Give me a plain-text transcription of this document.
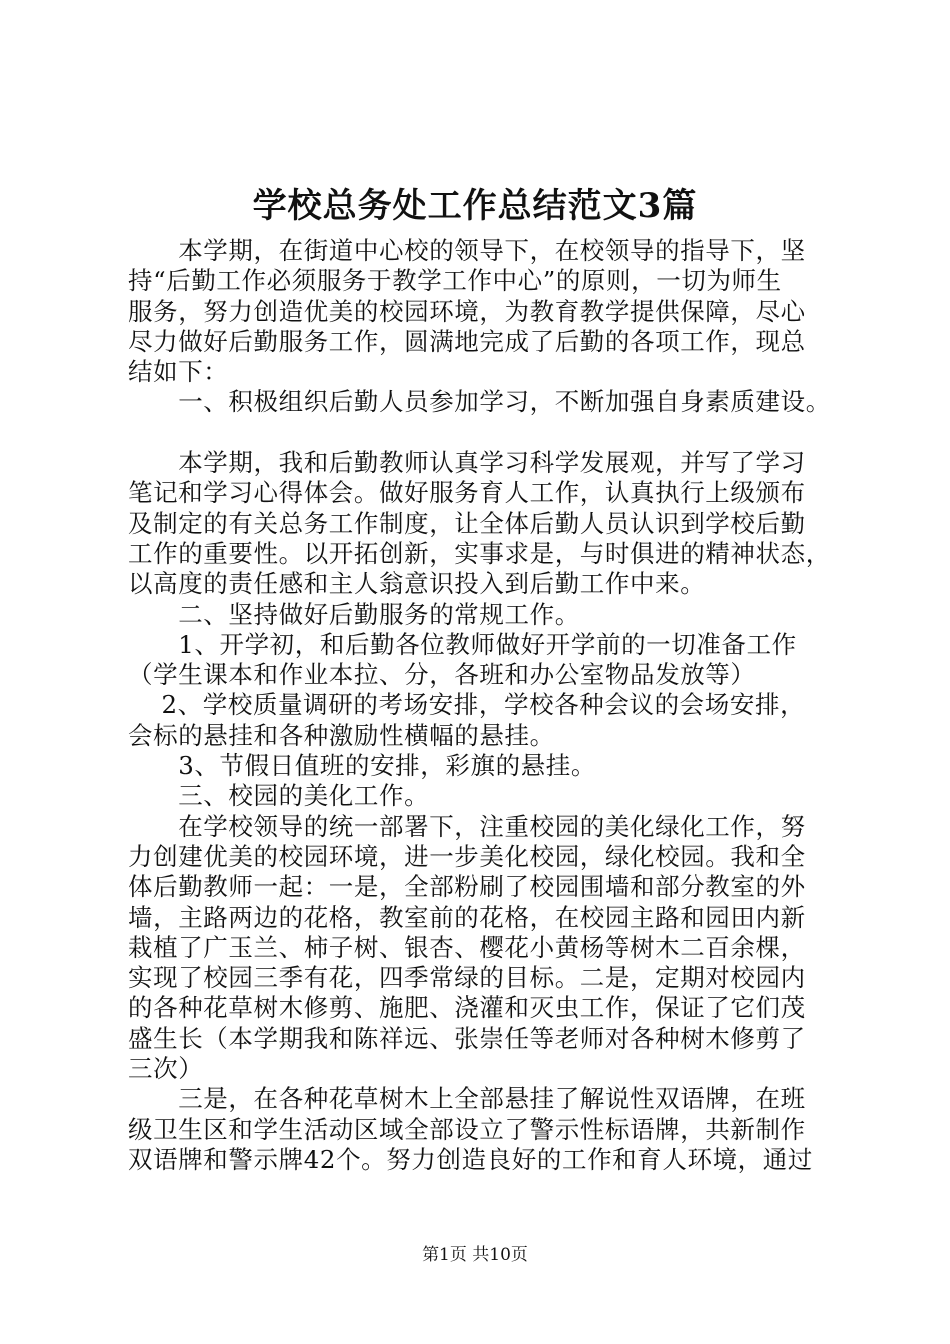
学校总务处工作总结范文3篇
　　本学期，在街道中心校的领导下，在校领导的指导下，坚
持“后勤工作必须服务于教学工作中心”的原则，一切为师生
服务，努力创造优美的校园环境，为教育教学提供保障，尽心
尽力做好后勤服务工作，圆满地完成了后勤的各项工作，现总
结如下：
　　一、积极组织后勤人员参加学习，不断加强自身素质建设。
　　本学期，我和后勤教师认真学习科学发展观，并写了学习
笔记和学习心得体会。做好服务育人工作，认真执行上级颁布
及制定的有关总务工作制度，让全体后勤人员认识到学校后勤
工作的重要性。以开拓创新，实事求是，与时俱进的精神状态，
以高度的责任感和主人翁意识投入到后勤工作中来。
　　二、坚持做好后勤服务的常规工作。
　　1、开学初，和后勤各位教师做好开学前的一切准备工作
（学生课本和作业本拉、分，各班和办公室物品发放等）
　 2、学校质量调研的考场安排，学校各种会议的会场安排，
会标的悬挂和各种激励性横幅的悬挂。
　　3、节假日值班的安排，彩旗的悬挂。
　　三、校园的美化工作。
　　在学校领导的统一部署下，注重校园的美化绿化工作，努
力创建优美的校园环境，进一步美化校园，绿化校园。我和全
体后勤教师一起：一是，全部粉刷了校园围墙和部分教室的外
墙，主路两边的花格，教室前的花格，在校园主路和园田内新
栽植了广玉兰、柿子树、银杏、樱花小黄杨等树木二百余棵，
实现了校园三季有花，四季常绿的目标。二是，定期对校园内
的各种花草树木修剪、施肥、浇灌和灭虫工作，保证了它们茂
盛生长（本学期我和陈祥远、张崇任等老师对各种树木修剪了
三次）
　　三是，在各种花草树木上全部悬挂了解说性双语牌，在班
级卫生区和学生活动区域全部设立了警示性标语牌，共新制作
双语牌和警示牌42个。努力创造良好的工作和育人环境，通过
第1页 共10页
